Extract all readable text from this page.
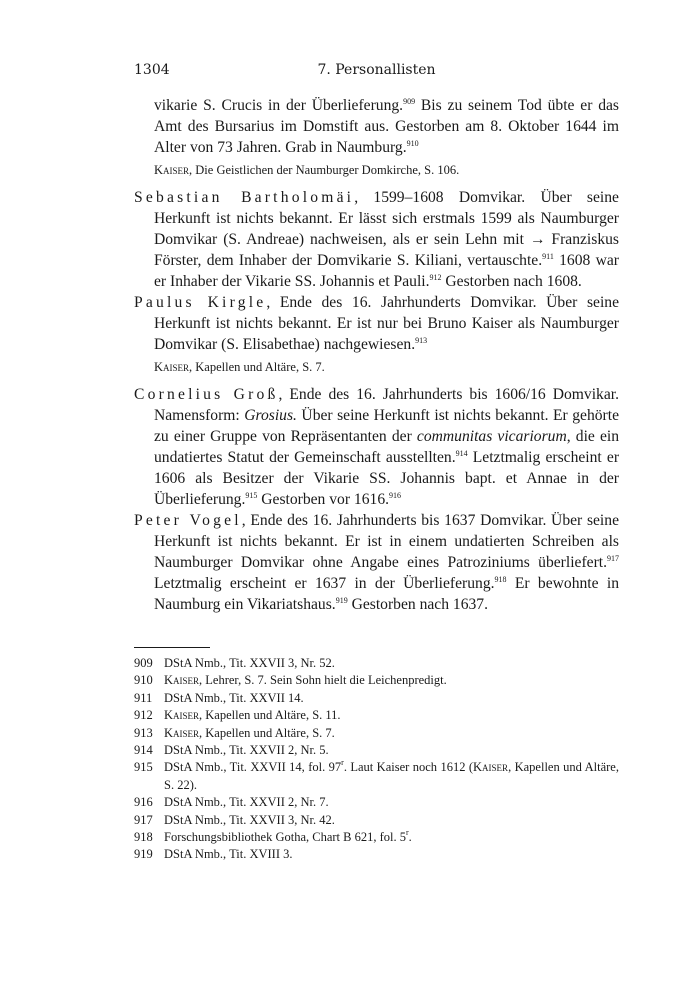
1304	7. Personallisten

vikarie S. Crucis in der Überlieferung.$^{909}$ Bis zu seinem Tod übte er das Amt des Bursarius im Domstift aus. Gestorben am 8. Oktober 1644 im Alter von 73 Jahren. Grab in Naumburg.$^{910}$

Kaiser, Die Geistlichen der Naumburger Domkirche, S. 106.

Sebastian Bartholomäi, 1599–1608 Domvikar. Über seine Herkunft ist nichts bekannt. Er lässt sich erstmals 1599 als Naumburger Domvikar (S. Andreae) nachweisen, als er sein Lehn mit → Franziskus Förster, dem Inhaber der Domvikarie S. Kiliani, vertauschte.$^{911}$ 1608 war er Inhaber der Vikarie SS. Johannis et Pauli.$^{912}$ Gestorben nach 1608.

Paulus Kirgle, Ende des 16. Jahrhunderts Domvikar. Über seine Herkunft ist nichts bekannt. Er ist nur bei Bruno Kaiser als Naumburger Domvikar (S. Elisabethae) nachgewiesen.$^{913}$

Kaiser, Kapellen und Altäre, S. 7.

Cornelius Groß, Ende des 16. Jahrhunderts bis 1606/16 Domvikar. Namensform: Grosius. Über seine Herkunft ist nichts bekannt. Er gehörte zu einer Gruppe von Repräsentanten der communitas vicariorum, die ein undatiertes Statut der Gemeinschaft ausstellten.$^{914}$ Letztmalig erscheint er 1606 als Besitzer der Vikarie SS. Johannis bapt. et Annae in der Überlieferung.$^{915}$ Gestorben vor 1616.$^{916}$

Peter Vogel, Ende des 16. Jahrhunderts bis 1637 Domvikar. Über seine Herkunft ist nichts bekannt. Er ist in einem undatierten Schreiben als Naumburger Domvikar ohne Angabe eines Patroziniums überliefert.$^{917}$ Letztmalig erscheint er 1637 in der Überlieferung.$^{918}$ Er bewohnte in Naumburg ein Vikariatshaus.$^{919}$ Gestorben nach 1637.

909 DStA Nmb., Tit. XXVII 3, Nr. 52.
910 Kaiser, Lehrer, S. 7. Sein Sohn hielt die Leichenpredigt.
911 DStA Nmb., Tit. XXVII 14.
912 Kaiser, Kapellen und Altäre, S. 11.
913 Kaiser, Kapellen und Altäre, S. 7.
914 DStA Nmb., Tit. XXVII 2, Nr. 5.
915 DStA Nmb., Tit. XXVII 14, fol. 97$^r$. Laut Kaiser noch 1612 (Kaiser, Kapellen und Altäre, S. 22).
916 DStA Nmb., Tit. XXVII 2, Nr. 7.
917 DStA Nmb., Tit. XXVII 3, Nr. 42.
918 Forschungsbibliothek Gotha, Chart B 621, fol. 5$^r$.
919 DStA Nmb., Tit. XVIII 3.
